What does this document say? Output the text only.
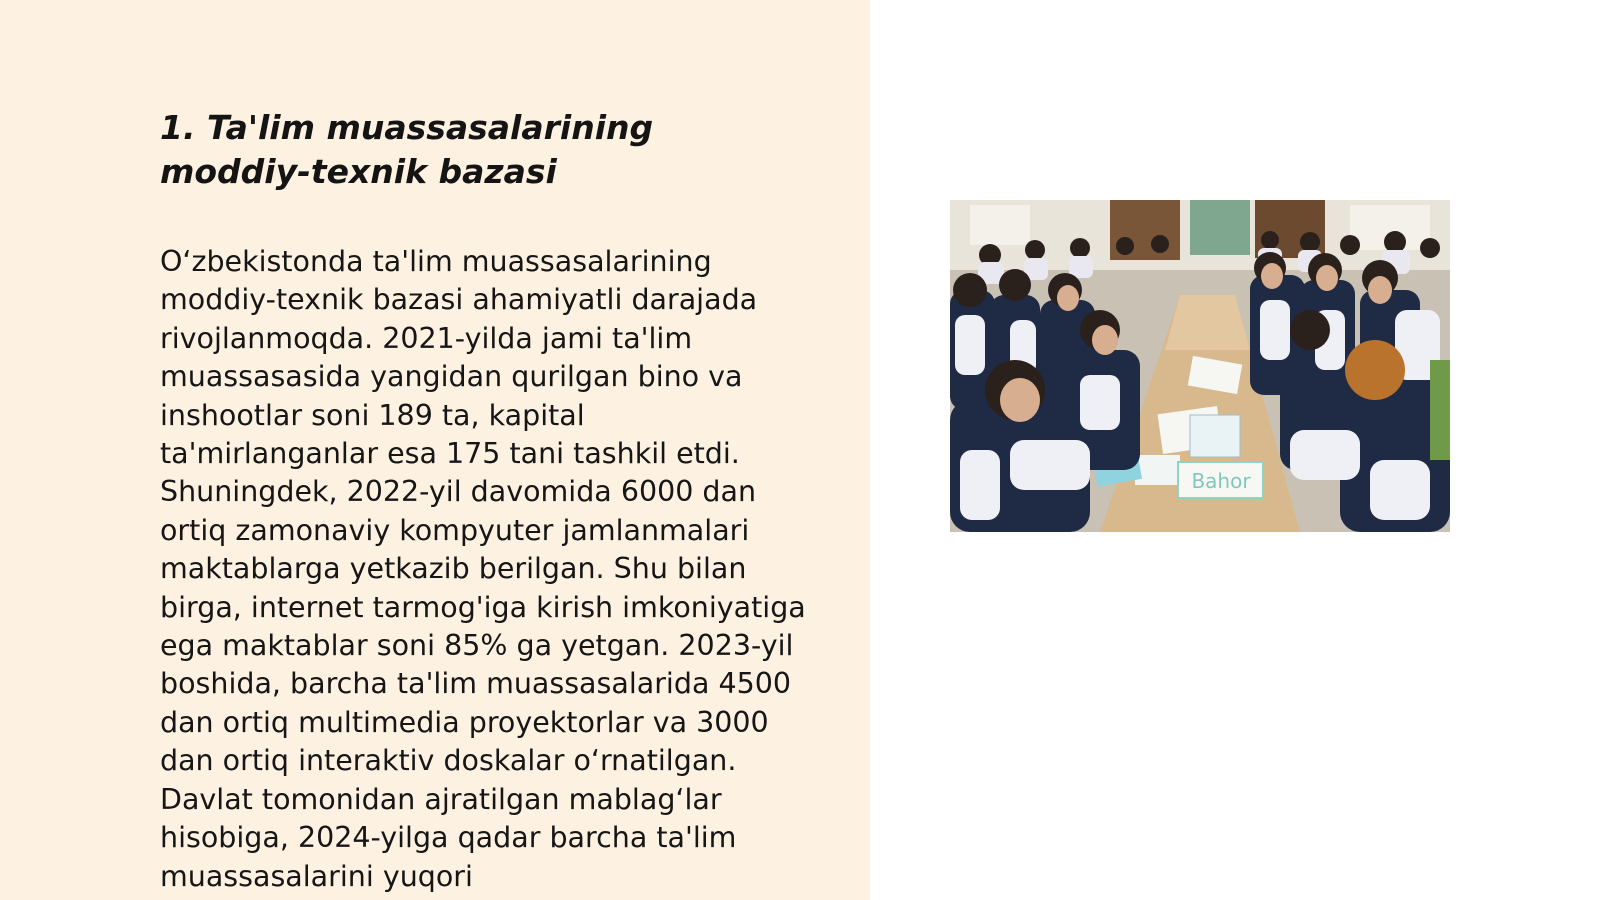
1. Ta'lim muassasalarining moddiy-texnik bazasi

O‘zbekistonda ta'lim muassasalarining moddiy-texnik bazasi ahamiyatli darajada rivojlanmoqda. 2021-yilda jami ta'lim muassasasida yangidan qurilgan bino va inshootlar soni 189 ta, kapital ta'mirlanganlar esa 175 tani tashkil etdi. Shuningdek, 2022-yil davomida 6000 dan ortiq zamonaviy kompyuter jamlanmalari maktablarga yetkazib berilgan. Shu bilan birga, internet tarmog'iga kirish imkoniyatiga ega maktablar soni 85% ga yetgan. 2023-yil boshida, barcha ta'lim muassasalarida 4500 dan ortiq multimedia proyektorlar va 3000 dan ortiq interaktiv doskalar o‘rnatilgan. Davlat tomonidan ajratilgan mablag‘lar hisobiga, 2024-yilga qadar barcha ta'lim muassasalarini yuqori

Bahor
